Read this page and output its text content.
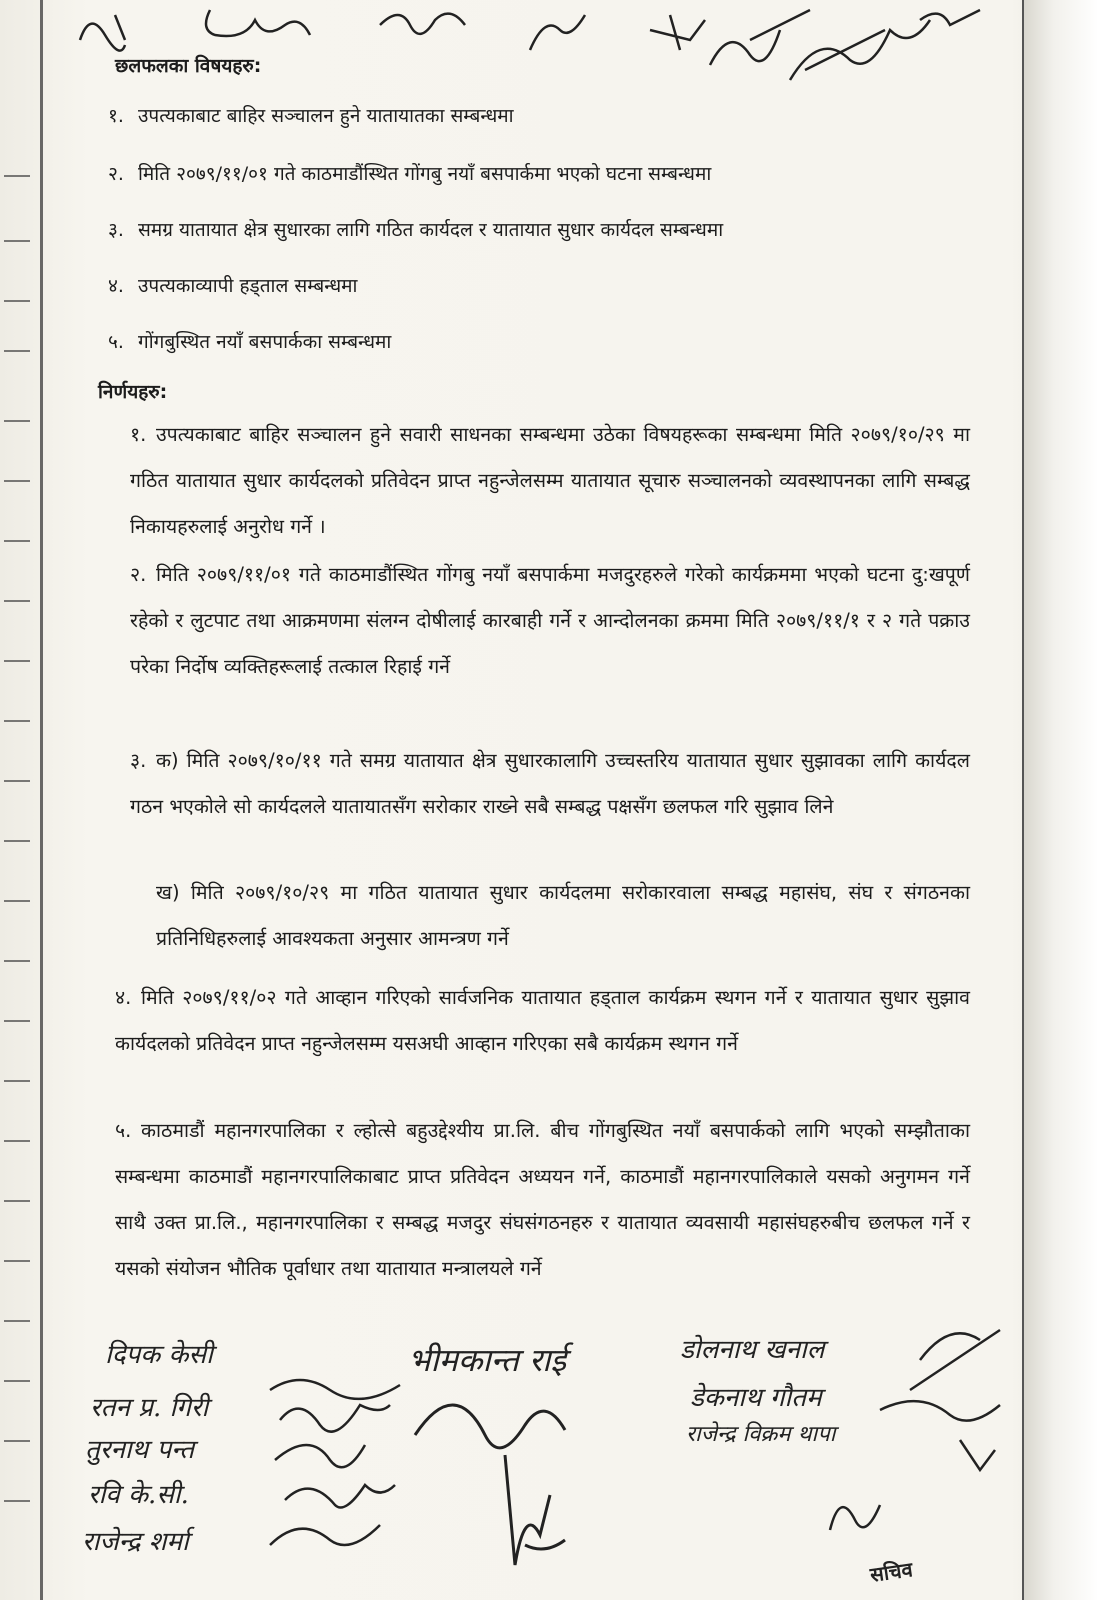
छलफलका विषयहरु:
१. उपत्यकाबाट बाहिर सञ्चालन हुने यातायातका सम्बन्धमा
२. मिति २०७९/११/०१ गते काठमाडौंस्थित गोंगबु नयाँ बसपार्कमा भएको घटना सम्बन्धमा
३. समग्र यातायात क्षेत्र सुधारका लागि गठित कार्यदल र यातायात सुधार कार्यदल सम्बन्धमा
४. उपत्यकाव्यापी हड्ताल सम्बन्धमा
५. गोंगबुस्थित नयाँ बसपार्कका सम्बन्धमा
निर्णयहरु:
१. उपत्यकाबाट बाहिर सञ्चालन हुने सवारी साधनका सम्बन्धमा उठेका विषयहरूका सम्बन्धमा मिति २०७९/१०/२९ मा गठित यातायात सुधार कार्यदलको प्रतिवेदन प्राप्त नहुन्जेलसम्म यातायात सूचारु सञ्चालनको व्यवस्थापनका लागि सम्बद्ध निकायहरुलाई अनुरोध गर्ने ।
२. मिति २०७९/११/०१ गते काठमाडौंस्थित गोंगबु नयाँ बसपार्कमा मजदुरहरुले गरेको कार्यक्रममा भएको घटना दु:खपूर्ण रहेको र लुटपाट तथा आक्रमणमा संलग्न दोषीलाई कारबाही गर्ने र आन्दोलनका क्रममा मिति २०७९/११/१ र २ गते पक्राउ परेका निर्दोष व्यक्तिहरूलाई तत्काल रिहाई गर्ने
३. क) मिति २०७९/१०/११ गते समग्र यातायात क्षेत्र सुधारकालागि उच्चस्तरिय यातायात सुधार सुझावका लागि कार्यदल गठन भएकोले सो कार्यदलले यातायातसँग सरोकार राख्ने सबै सम्बद्ध पक्षसँग छलफल गरि सुझाव लिने
ख) मिति २०७९/१०/२९ मा गठित यातायात सुधार कार्यदलमा सरोकारवाला सम्बद्ध महासंघ, संघ र संगठनका प्रतिनिधिहरुलाई आवश्यकता अनुसार आमन्त्रण गर्ने
४. मिति २०७९/११/०२ गते आव्हान गरिएको सार्वजनिक यातायात हड्ताल कार्यक्रम स्थगन गर्ने र यातायात सुधार सुझाव कार्यदलको प्रतिवेदन प्राप्त नहुन्जेलसम्म यसअघी आव्हान गरिएका सबै कार्यक्रम स्थगन गर्ने
५. काठमाडौं महानगरपालिका र ल्होत्से बहुउद्देश्यीय प्रा.लि. बीच गोंगबुस्थित नयाँ बसपार्कको लागि भएको सम्झौताका सम्बन्धमा काठमाडौं महानगरपालिकाबाट प्राप्त प्रतिवेदन अध्ययन गर्ने, काठमाडौं महानगरपालिकाले यसको अनुगमन गर्ने साथै उक्त प्रा.लि., महानगरपालिका र सम्बद्ध मजदुर संघसंगठनहरु र यातायात व्यवसायी महासंघहरुबीच छलफल गर्ने र यसको संयोजन भौतिक पूर्वाधार तथा यातायात मन्त्रालयले गर्ने
दिपक केसी
रतन प्र. गिरी
तुरनाथ पन्त
रवि के.सी.
राजेन्द्र शर्मा
भीमकान्त राई	डोलनाथ खनाल
डेकनाथ गौतम
राजेन्द्र विक्रम थापा
सचिव
